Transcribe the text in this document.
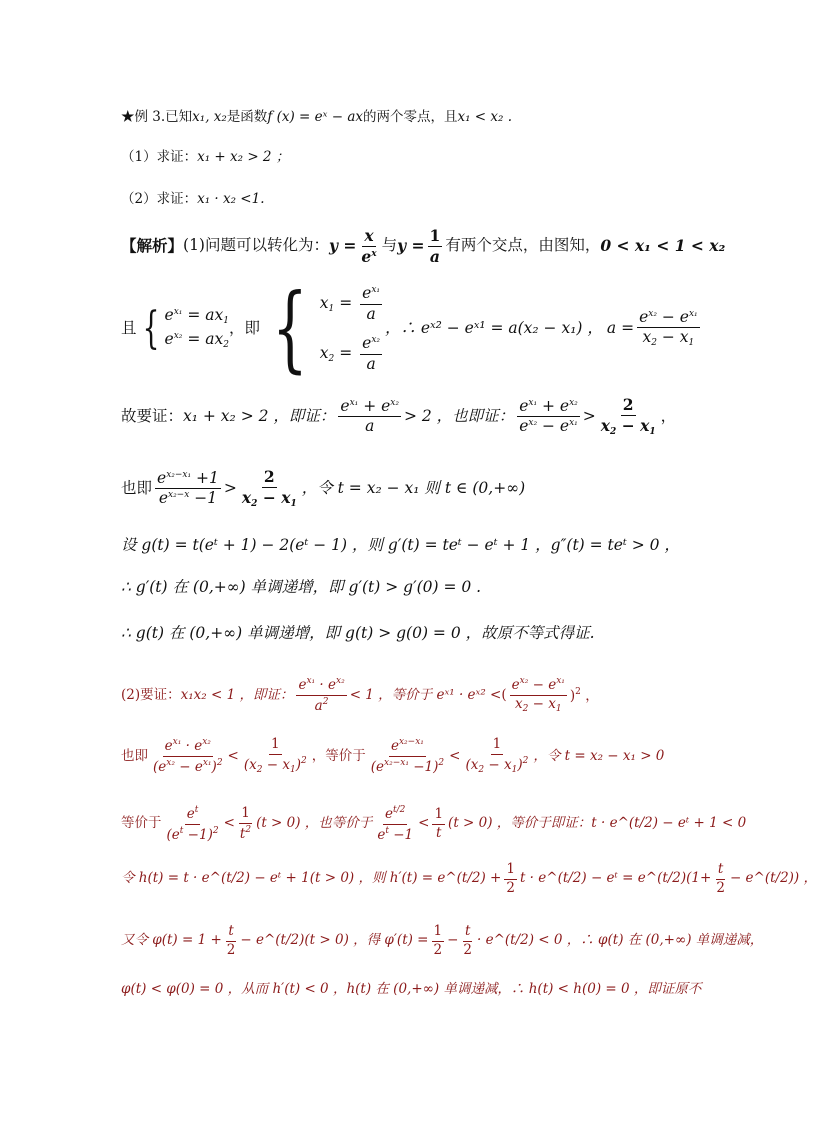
★例 3.已知 x₁, x₂ 是函数 f (x) = eˣ − ax 的两个零点，且 x₁ < x₂ .
（1）求证： x₁ + x₂ > 2 ；
（2）求证： x₁ · x₂ <1.
【解析】 (1)问题可以转化为： $y = \frac{x}{e^x}$ 与 $y = \frac{1}{a}$ 有两个交点，由图知， 0 < x₁ < 1 < x₂
且 { $e^{x_1} = ax_1$
$e^{x_2} = ax_2$
，即 { $x_1 = \frac{e^{x_1}}{a}$
$x_2 = \frac{e^{x_2}}{a}$
，∴ eˣ² − eˣ¹ = a(x₂ − x₁) ， $a = \frac{e^{x_2} - e^{x_1}}{x_2 - x_1}$
故要证： x₁ + x₂ > 2 ，即证： $\frac{e^{x_1} + e^{x_2}}{a} > 2$ ，也即证： $\frac{e^{x_1} + e^{x_2}}{e^{x_2} - e^{x_1}} > \frac{2}{x_2 - x_1}$ ，
也即 $\frac{e^{x_2-x_1} +1}{e^{x_2-x} -1} > \frac{2}{x_2 - x_1}$ ，令 t = x₂ − x₁ 则 t ∈ (0,+∞)
设 g(t) = t(eᵗ + 1) − 2(eᵗ − 1) ，则 g′(t) = teᵗ − eᵗ + 1 ，g″(t) = teᵗ > 0 ，
∴ g′(t) 在 (0,+∞) 单调递增，即 g′(t) > g′(0) = 0 .
∴ g(t) 在 (0,+∞) 单调递增，即 g(t) > g(0) = 0 ，故原不等式得证.
(2)要证： x₁x₂ < 1 ，即证： $\frac{e^{x_1} \cdot e^{x_2}}{a^2} < 1$ ，等价于 eˣ¹ · eˣ² < ( $\frac{e^{x_2} - e^{x_1}}{x_2 - x_1} )^2$ ，
也即 $\frac{e^{x_1} \cdot e^{x_2}}{(e^{x_2} - e^{x_1})^2} < \frac{1}{(x_2 - x_1)^2}$ ，等价于 $\frac{e^{x_2-x_1}}{(e^{x_2-x_1} -1)^2} < \frac{1}{(x_2 - x_1)^2}$ ，令 t = x₂ − x₁ > 0
等价于 $\frac{e^t}{(e^t -1)^2} < \frac{1}{t^2} (t > 0)$ ，也等价于 $\frac{e^{t/2}}{e^t -1} < \frac{1}{t} (t > 0)$ ，等价于即证： t · e^(t/2) − eᵗ + 1 < 0
令 h(t) = t · e^(t/2) − eᵗ + 1(t > 0) ，则 h′(t) = e^(t/2) + $\frac{1}{2}$ t · e^(t/2) − eᵗ = e^(t/2)(1+ $\frac{t}{2}$ − e^(t/2)) ，
又令 $\varphi(t) = 1 + \frac{t}{2}$ − e^(t/2)(t > 0) ，得 $\varphi'(t) = \frac{1}{2} - \frac{t}{2}$ · e^(t/2) < 0 ，∴ φ(t) 在 (0,+∞) 单调递减，
φ(t) < φ(0) = 0 ，从而 h′(t) < 0 ，h(t) 在 (0,+∞) 单调递减，∴ h(t) < h(0) = 0 ，即证原不
